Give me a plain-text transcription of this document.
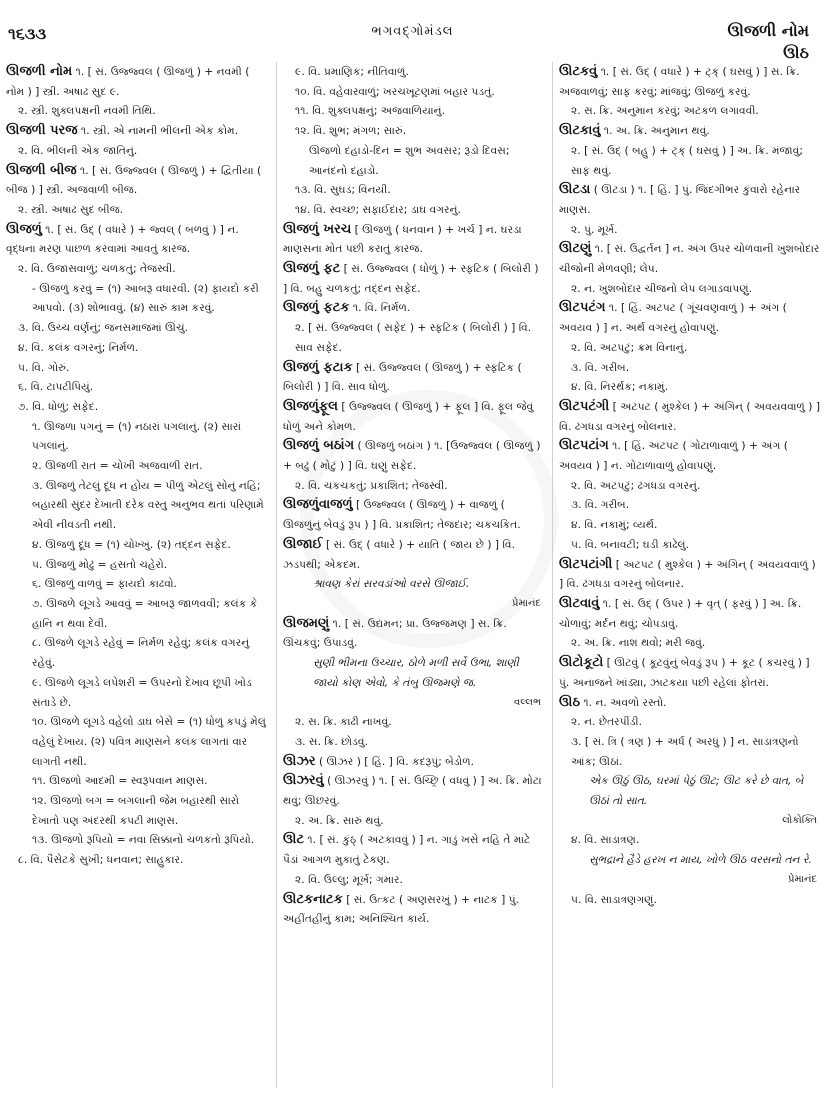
૧૬૩૩	ભગવદ્ગોમંડલ	ઊજળી નોમ
ઊઠ
ઊજળી નોમ ૧. [ સં. ઉજ્જ્વલ ( ઊજળું ) + નવમી ( નોમ ) ] સ્ત્રી. અષાઢ સુદ ૯.
૨. સ્ત્રી. શુક્લપક્ષની નવમી તિથિ.
ઊજળી પરજ ૧. સ્ત્રી. એ નામની ભીલની એક કોમ.
૨. વિ. ભીલની એક જાતિનું.
ઊજળી બીજ ૧. [ સં. ઉજ્જ્વલ ( ઊજળું ) + દ્વિતીયા ( બીજ ) ] સ્ત્રી. અજવાળી બીજ.
૨. સ્ત્રી. અષાઢ સુદ બીજ.
ઊજળું ૧. [ સં. ઉદ્ ( વધારે ) + જ્વલ્ ( બળવું ) ] ન. વૃદ્ધના મરણ પાછળ કરવામાં આવતું કારજ.
૨. વિ. ઉજાસવાળું; ચળકતું; તેજસ્વી.
- ઊજળું કરવું = (૧) આબરૂ વધારવી. (૨) ફાયદો કરી આપવો. (૩) શોભાવવું. (૪) સારું કામ કરવું.
૩. વિ. ઉચ્ચ વર્ણનું; જનસમાજમાં ઊંચું.
૪. વિ. કલંક વગરનું; નિર્મળ.
૫. વિ. ગોરું.
૬. વિ. ટાપટીપિયું.
૭. વિ. ધોળું; સફેદ.
૧. ઊજળા પગનું = (૧) નઠારાં પગલાંનું. (૨) સારાં પગલાંનું.
૨. ઊજળી રાત = ચોખી અજવાળી રાત.
૩. ઊજળું તેટલું દૂધ ન હોય = પીળું એટલું સોનું નહિ; બહારથી સુંદર દેખાતી દરેક વસ્તુ અનુભવ થતાં પરિણામે એવી નીવડતી નથી.
૪. ઊજળું દૂધ = (૧) ચોખ્ખું. (૨) તદ્દન સફેદ.
૫. ઊજળું મોઢું = હસતો ચહેરો.
૬. ઊજળું વાળવું = ફાયદો કાઢવો.
૭. ઊજળે લૂગડે આવવું = આબરૂ જાળવવી; કલંક કે હાનિ ન થવા દેવી.
૮. ઊજળે લૂગડે રહેવું = નિર્મળ રહેવું; કલંક વગરનું રહેવું.
૯. ઊજળે લૂગડે લપેશરી = ઉપરનો દેખાવ છૂપી ખોડ સંતાડે છે.
૧૦. ઊજળે લૂગડે વહેલો ડાઘ બેસે = (૧) ધોળું કપડું મેલું વહેલું દેખાય. (૨) પવિત્ર માણસને કલંક લાગતાં વાર લાગતી નથી.
૧૧. ઊજળો આદમી = સ્વરૂપવાન માણસ.
૧૨. ઊજળો બગ = બગલાની જેમ બહારથી સારો દેખાતો પણ અંદરથી કપટી માણસ.
૧૩. ઊજળો રૂપિયો = નવા સિક્કાનો ચળકતો રૂપિયો.
૮. વિ. પૈસેટકે સુખી; ધનવાન; સાહુકાર.
૯. વિ. પ્રમાણિક; નીતિવાળું.
૧૦. વિ. વહેવારવાળું; ખરચખૂટણમાં બહાર પડતું.
૧૧. વિ. શુક્લપક્ષનું; અજવાળિયાનું.
૧૨. વિ. શુભ; મંગળ; સારું.
ઊજળો દહાડો-દિન = શુભ અવસર; રૂડો દિવસ; આનંદનો દહાડો.
૧૩. વિ. સુઘડ; વિનયી.
૧૪. વિ. સ્વચ્છ; સફાઈદાર; ડાઘ વગરનું.
ઊજળું ખરચ [ ઊજળું ( ધનવાન ) + ખર્ચ ] ન. ઘરડા માણસના મોત પછી કરાતું કારજ.
ઊજળું ફટ [ સં. ઉજ્જ્વલ ( ધોળું ) + સ્ફટિક ( બિલોરી ) ] વિ. બહુ ચળકતું; તદ્દન સફેદ.
ઊજળું ફટક ૧. વિ. નિર્મળ.
૨. [ સં. ઉજ્જ્વલ ( સફેદ ) + સ્ફટિક ( બિલોરી ) ] વિ. સાવ સફેદ.
ઊજળું ફટાક [ સં. ઉજ્જ્વલ ( ઊજળું ) + સ્ફટિક ( બિલોરી ) ] વિ. સાવ ધોળું.
ઊજળુંફૂલ [ ઉજ્જ્વલ ( ઊજળું ) + ફૂલ ] વિ. ફૂલ જેવું ધોળું અને કોમળ.
ઊજળું બઠાંગ ( ઊજળું બઠાંગ ) ૧. [ઉજ્જ્વલ ( ઊજળું ) + બઢું ( મોટું ) ] વિ. ઘણું સફેદ.
૨. વિ. ચકચકતું; પ્રકાશિત; તેજસ્વી.
ઊજળુંવાજળું [ ઉજ્જ્વલ ( ઊજળું ) + વાજળું ( ઊજળુંનું બેવડું રૂપ ) ] વિ. પ્રકાશિત; તેજદાર; ચકચકિત.
ઊજાઈ [ સં. ઉદ્ ( વધારે ) + યાતિ ( જાય છે ) ] વિ. ઝડપથી; એકદમ.
શ્રાવણ કેરાં સરવડાંઓ વરસે ઊજાઈ.
પ્રેમાનંદ
ઊજમણું ૧. [ સં. ઉદ્યમન; પ્રા. ઉજ્જમણ ] સ. ક્રિ. ઊંચકવું; ઉપાડવું.
સુણી ભીમના ઉચ્ચાર, ઠોળે મળી સર્વે ઉભા, શાણી જાયો કોણ એવો, કે તંબુ ઊજમણે જ.
વલ્લભ
૨. સ. ક્રિ. કાઢી નાખવું.
૩. સ. ક્રિ. છોડવું.
ઊઝર ( ઊઝર ) [ હિં. ] વિ. કદરૂપું; બેડોળ.
ઊઝરવું ( ઊઝરવું ) ૧. [ સં. ઉચ્છ્રિ ( વધવું ) ] અ. ક્રિ. મોટા થવું; ઊછરવું.
૨. અ. ક્રિ. સારું થવું.
ઊટ ૧. [ સં. કુંઠ્ ( અટકાવવું ) ] ન. ગાડું ખસે નહિ તે માટે પૈડાં આગળ મુકાતું ટેકણ.
૨. વિ. ઉલ્લુ; મૂર્ખ; ગમાર.
ઊટકનાટક [ સં. ઉત્કટ ( અણસરખું ) + નાટક ] પું. અહીંતહીંનું કામ; અનિશ્ચિત કાર્ય.
ઊટકવું ૧. [ સં. ઉદ્ ( વધારે ) + ટ્ક્ ( ઘસવું ) ] સ. ક્રિ. અજવાળવું; સાફ કરવું; માંજવું; ઊજળું કરવું.
૨. સ. ક્રિ. અનુમાન કરવું; અટકળ લગાવવી.
ઊટકાવું ૧. અ. ક્રિ. અનુમાન થવું.
૨. [ સં. ઉદ્ ( બહુ ) + ટ્ક્ ( ઘસવું ) ] અ. ક્રિ. મંજાવું; સાફ થવું.
ઊટડા ( ઊટડા ) ૧. [ હિં. ] પું. જિંદગીભર કુંવારો રહેનાર માણસ.
૨. પું. મૂર્ખ.
ઊટણું ૧. [ સં. ઉદ્વર્તન ] ન. અંગ ઉપર ચોળવાની ખુશબોદાર ચીજોની મેળવણી; લેપ.
૨. ન. ખુશબોદાર ચીજનો લેપ લગાડવાપણું.
ઊટપટંગ ૧. [ હિં. અટપટ ( ગૂંચવણવાળું ) + અંગ ( અવયવ ) ] ન. અર્થ વગરનું હોવાપણું.
૨. વિ. અટપટું; ક્રમ વિનાનું.
૩. વિ. ગરીબ.
૪. વિ. નિરર્થક; નકામું.
ઊટપટંગી [ અટપટ ( મુશ્કેલ ) + અંગિન્ ( અવયવવાળું ) ] વિ. ઢંગધડા વગરનું બોલનાર.
ઊટપટાંગ ૧. [ હિં. અટપટ ( ગોટાળાવાળું ) + અંગ ( અવયવ ) ] ન. ગોટાળાવાળું હોવાપણું.
૨. વિ. અટપટું; ઢંગધડા વગરનું.
૩. વિ. ગરીબ.
૪. વિ. નકામું; વ્યર્થ.
૫. વિ. બનાવટી; ઘડી કાઢેલું.
ઊટપટાંગી [ અટપટ ( મુશ્કેલ ) + અંગિન્ ( અવયવવાળું ) ] વિ. ઢંગધડા વગરનું બોલનાર.
ઊટવાવું ૧. [ સં. ઉદ્ ( ઉપર ) + વૃત્ ( ફરવું ) ] અ. ક્રિ. ચોળાવું; મર્દન થવું; ચોપડાવું.
૨. અ. ક્રિ. નાશ થવો; મરી જવું.
ઊટોકૂટો [ ઊટવું ( કૂટવુંનું બેવડું રૂપ ) + કૂટ ( કચરવું ) ] પું. અનાજને ખાંડ્યા, ઝાટકયા પછી રહેલાં ફોતરાં.
ઊઠ ૧. ન. અવળો રસ્તો.
૨. ન. છેતરપીંડી.
૩. [ સં. ત્રિ ( ત્રણ ) + અર્ધ ( અરધું ) ] ન. સાડાત્રણનો આંક; ઊઠાં.
એક ઊઠું ઊઠ, ઘરમાં પેઠું ઊટ; ઊટ કરે છે વાત, બે ઊઠાં તો સાત.
લોકોક્તિ
૪. વિ. સાડાત્રણ.
સુભદ્રાને હૈડે હરખ ન માય, ખોળે ઊઠ વરસનો તન રે.
પ્રેમાનંદ
૫. વિ. સાડાત્રણગણું.
